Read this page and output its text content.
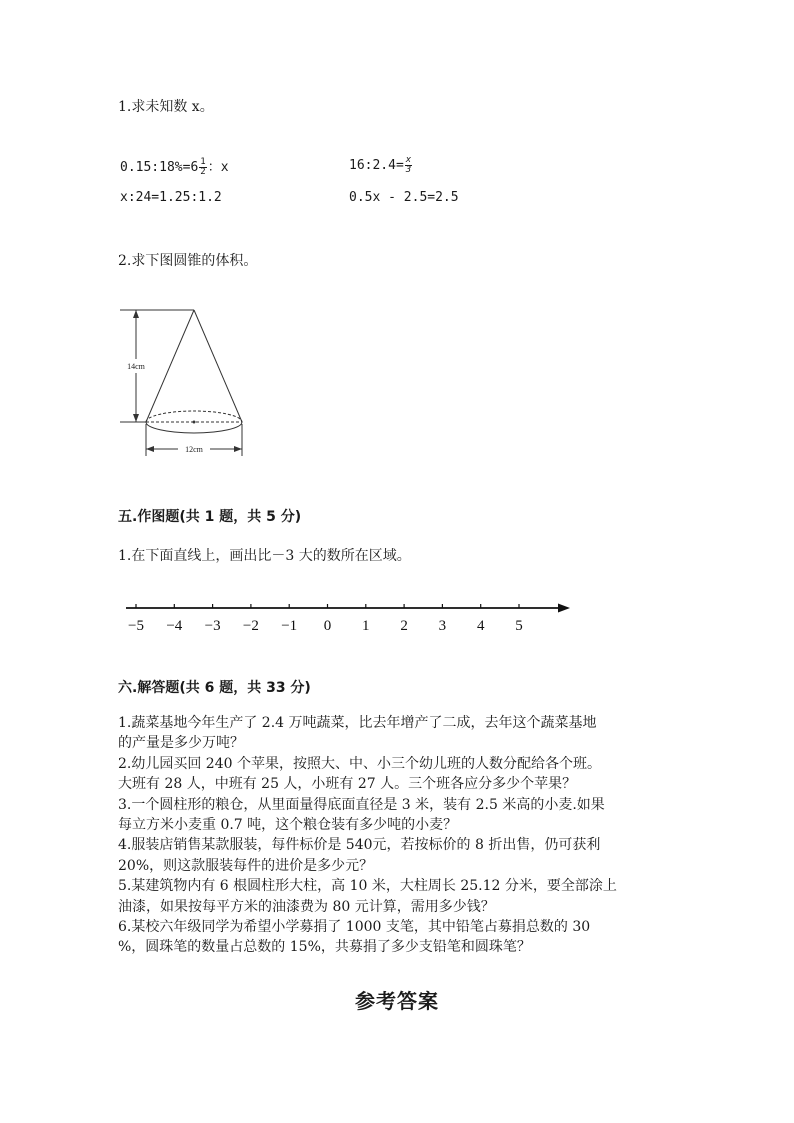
1.求未知数 x。
0.15:18%=6 $\frac{1}{2}$ ：x	16:2.4= $\frac{x}{3}$
x:24=1.25:1.2	0.5x - 2.5=2.5
2.求下图圆锥的体积。
14cm
12cm
五.作图题(共 1 题，共 5 分)
1.在下面直线上，画出比－3 大的数所在区域。
−5 −4 −3 −2 −1 0 1 2 3 4 5
六.解答题(共 6 题，共 33 分)
1.蔬菜基地今年生产了 2.4 万吨蔬菜，比去年增产了二成，去年这个蔬菜基地
的产量是多少万吨？
2.幼儿园买回 240 个苹果，按照大、中、小三个幼儿班的人数分配给各个班。
大班有 28 人，中班有 25 人，小班有 27 人。三个班各应分多少个苹果？
3.一个圆柱形的粮仓，从里面量得底面直径是 3 米，装有 2.5 米高的小麦.如果
每立方米小麦重 0.7 吨，这个粮仓装有多少吨的小麦？
4.服装店销售某款服装，每件标价是 540元，若按标价的 8 折出售，仍可获利
20%，则这款服装每件的进价是多少元？
5.某建筑物内有 6 根圆柱形大柱，高 10 米，大柱周长 25.12 分米，要全部涂上
油漆，如果按每平方米的油漆费为 80 元计算，需用多少钱？
6.某校六年级同学为希望小学募捐了 1000 支笔，其中铅笔占募捐总数的 30
%，圆珠笔的数量占总数的 15%，共募捐了多少支铅笔和圆珠笔？
参考答案
